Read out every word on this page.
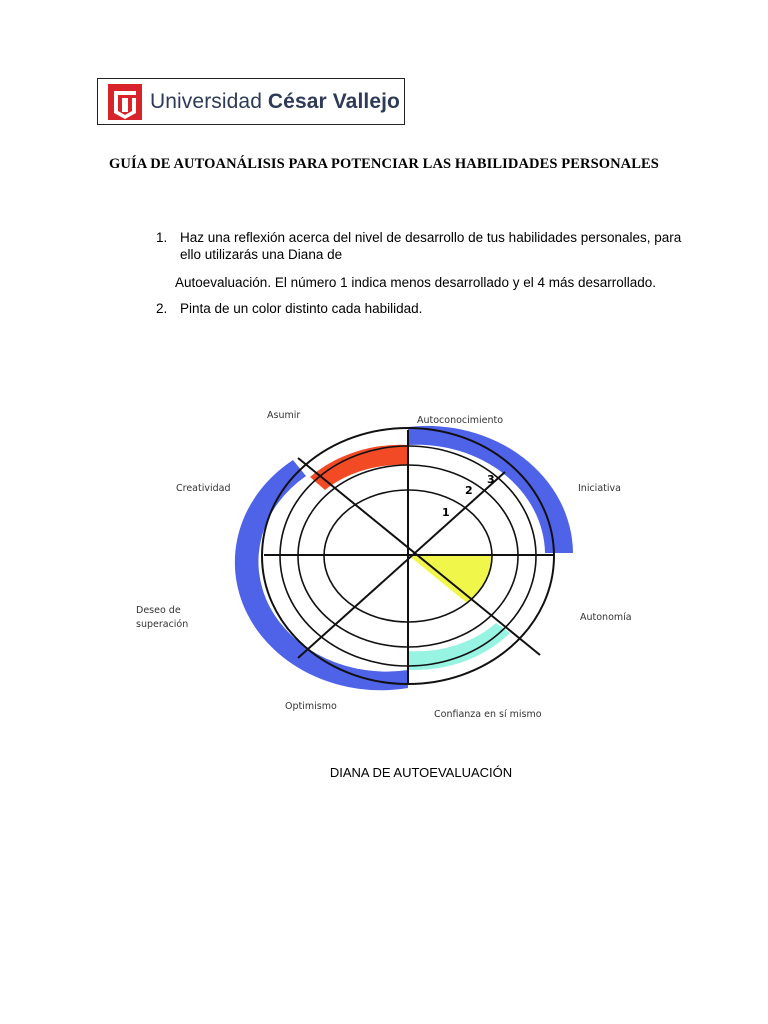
Universidad César Vallejo
GUÍA DE AUTOANÁLISIS PARA POTENCIAR LAS HABILIDADES PERSONALES
1. Haz una reflexión acerca del nivel de desarrollo de tus habilidades personales, para
ello utilizarás una Diana de
Autoevaluación. El número 1 indica menos desarrollado y el 4 más desarrollado.
2. Pinta de un color distinto cada habilidad.
1
2
3
Asumir	Autoconocimiento
Creatividad	Iniciativa
Deseo de
superación
Autonomía
Optimismo
Confianza en sí mismo
DIANA DE AUTOEVALUACIÓN
